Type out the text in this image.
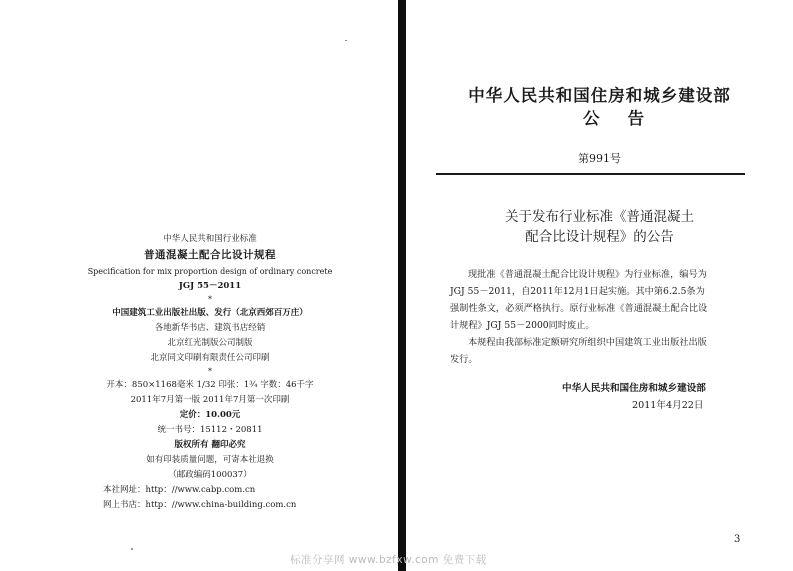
中华人民共和国行业标准
普通混凝土配合比设计规程
Specification for mix proportion design of ordinary concrete
JGJ 55－2011
*
中国建筑工业出版社出版、发行（北京西郊百万庄）
各地新华书店、建筑书店经销
北京红光制版公司制版
北京同文印刷有限责任公司印刷
*
开本：850×1168毫米 1/32 印张：1¾ 字数：46千字
2011年7月第一版 2011年7月第一次印刷
定价：10.00元
统一书号：15112・20811
版权所有 翻印必究
如有印装质量问题，可寄本社退换
（邮政编码100037）
本社网址：http：//www.cabp.com.cn
网上书店：http：//www.china-building.com.cn
中华人民共和国住房和城乡建设部
公告
第991号
关于发布行业标准《普通混凝土
配合比设计规程》的公告
现批准《普通混凝土配合比设计规程》为行业标准，编号为
JGJ 55－2011，自2011年12月1日起实施。其中第6.2.5条为
强制性条文，必须严格执行。原行业标准《普通混凝土配合比设
计规程》JGJ 55－2000同时废止。
本规程由我部标准定额研究所组织中国建筑工业出版社出版
发行。
中华人民共和国住房和城乡建设部
2011年4月22日
3
标准分享网 www.bzfxw.com 免费下载
